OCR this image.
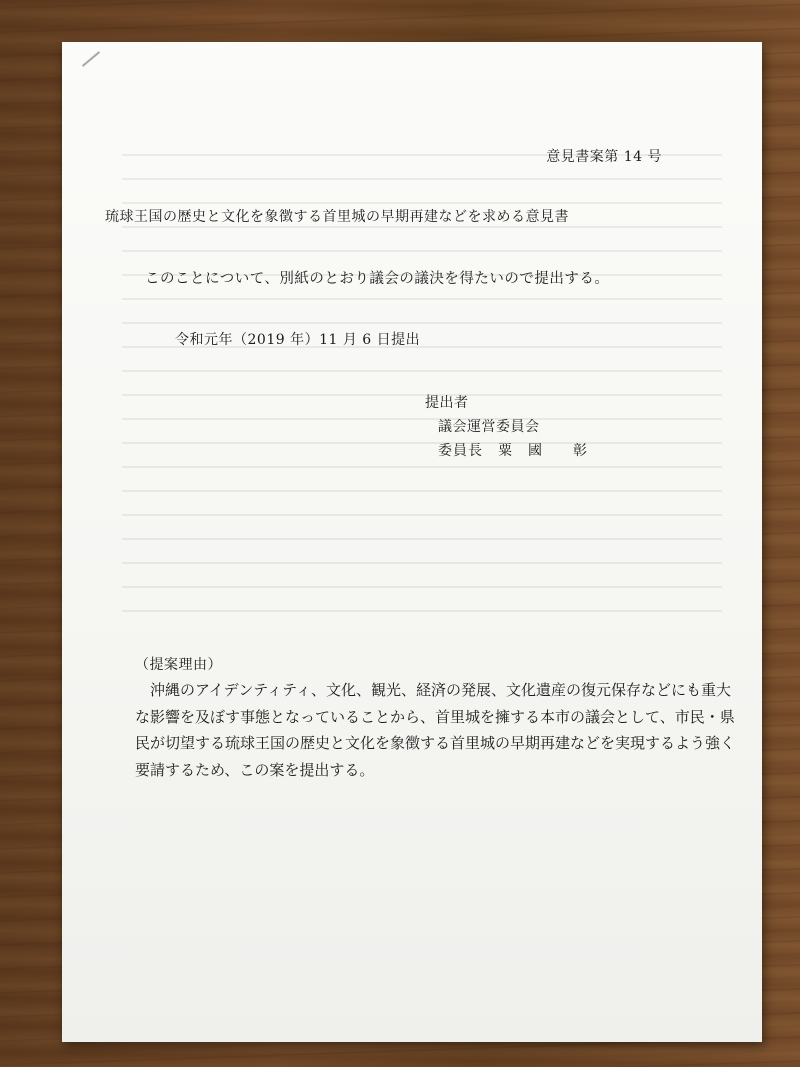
意見書案第 14 号
琉球王国の歴史と文化を象徴する首里城の早期再建などを求める意見書
このことについて、別紙のとおり議会の議決を得たいので提出する。
令和元年（2019 年）11 月 6 日提出
提出者
議会運営委員会
委員長　粟　國　　彰
（提案理由）

　沖縄のアイデンティティ、文化、観光、経済の発展、文化遺産の復元保存などにも重大な影響を及ぼす事態となっていることから、首里城を擁する本市の議会として、市民・県民が切望する琉球王国の歴史と文化を象徴する首里城の早期再建などを実現するよう強く要請するため、この案を提出する。
